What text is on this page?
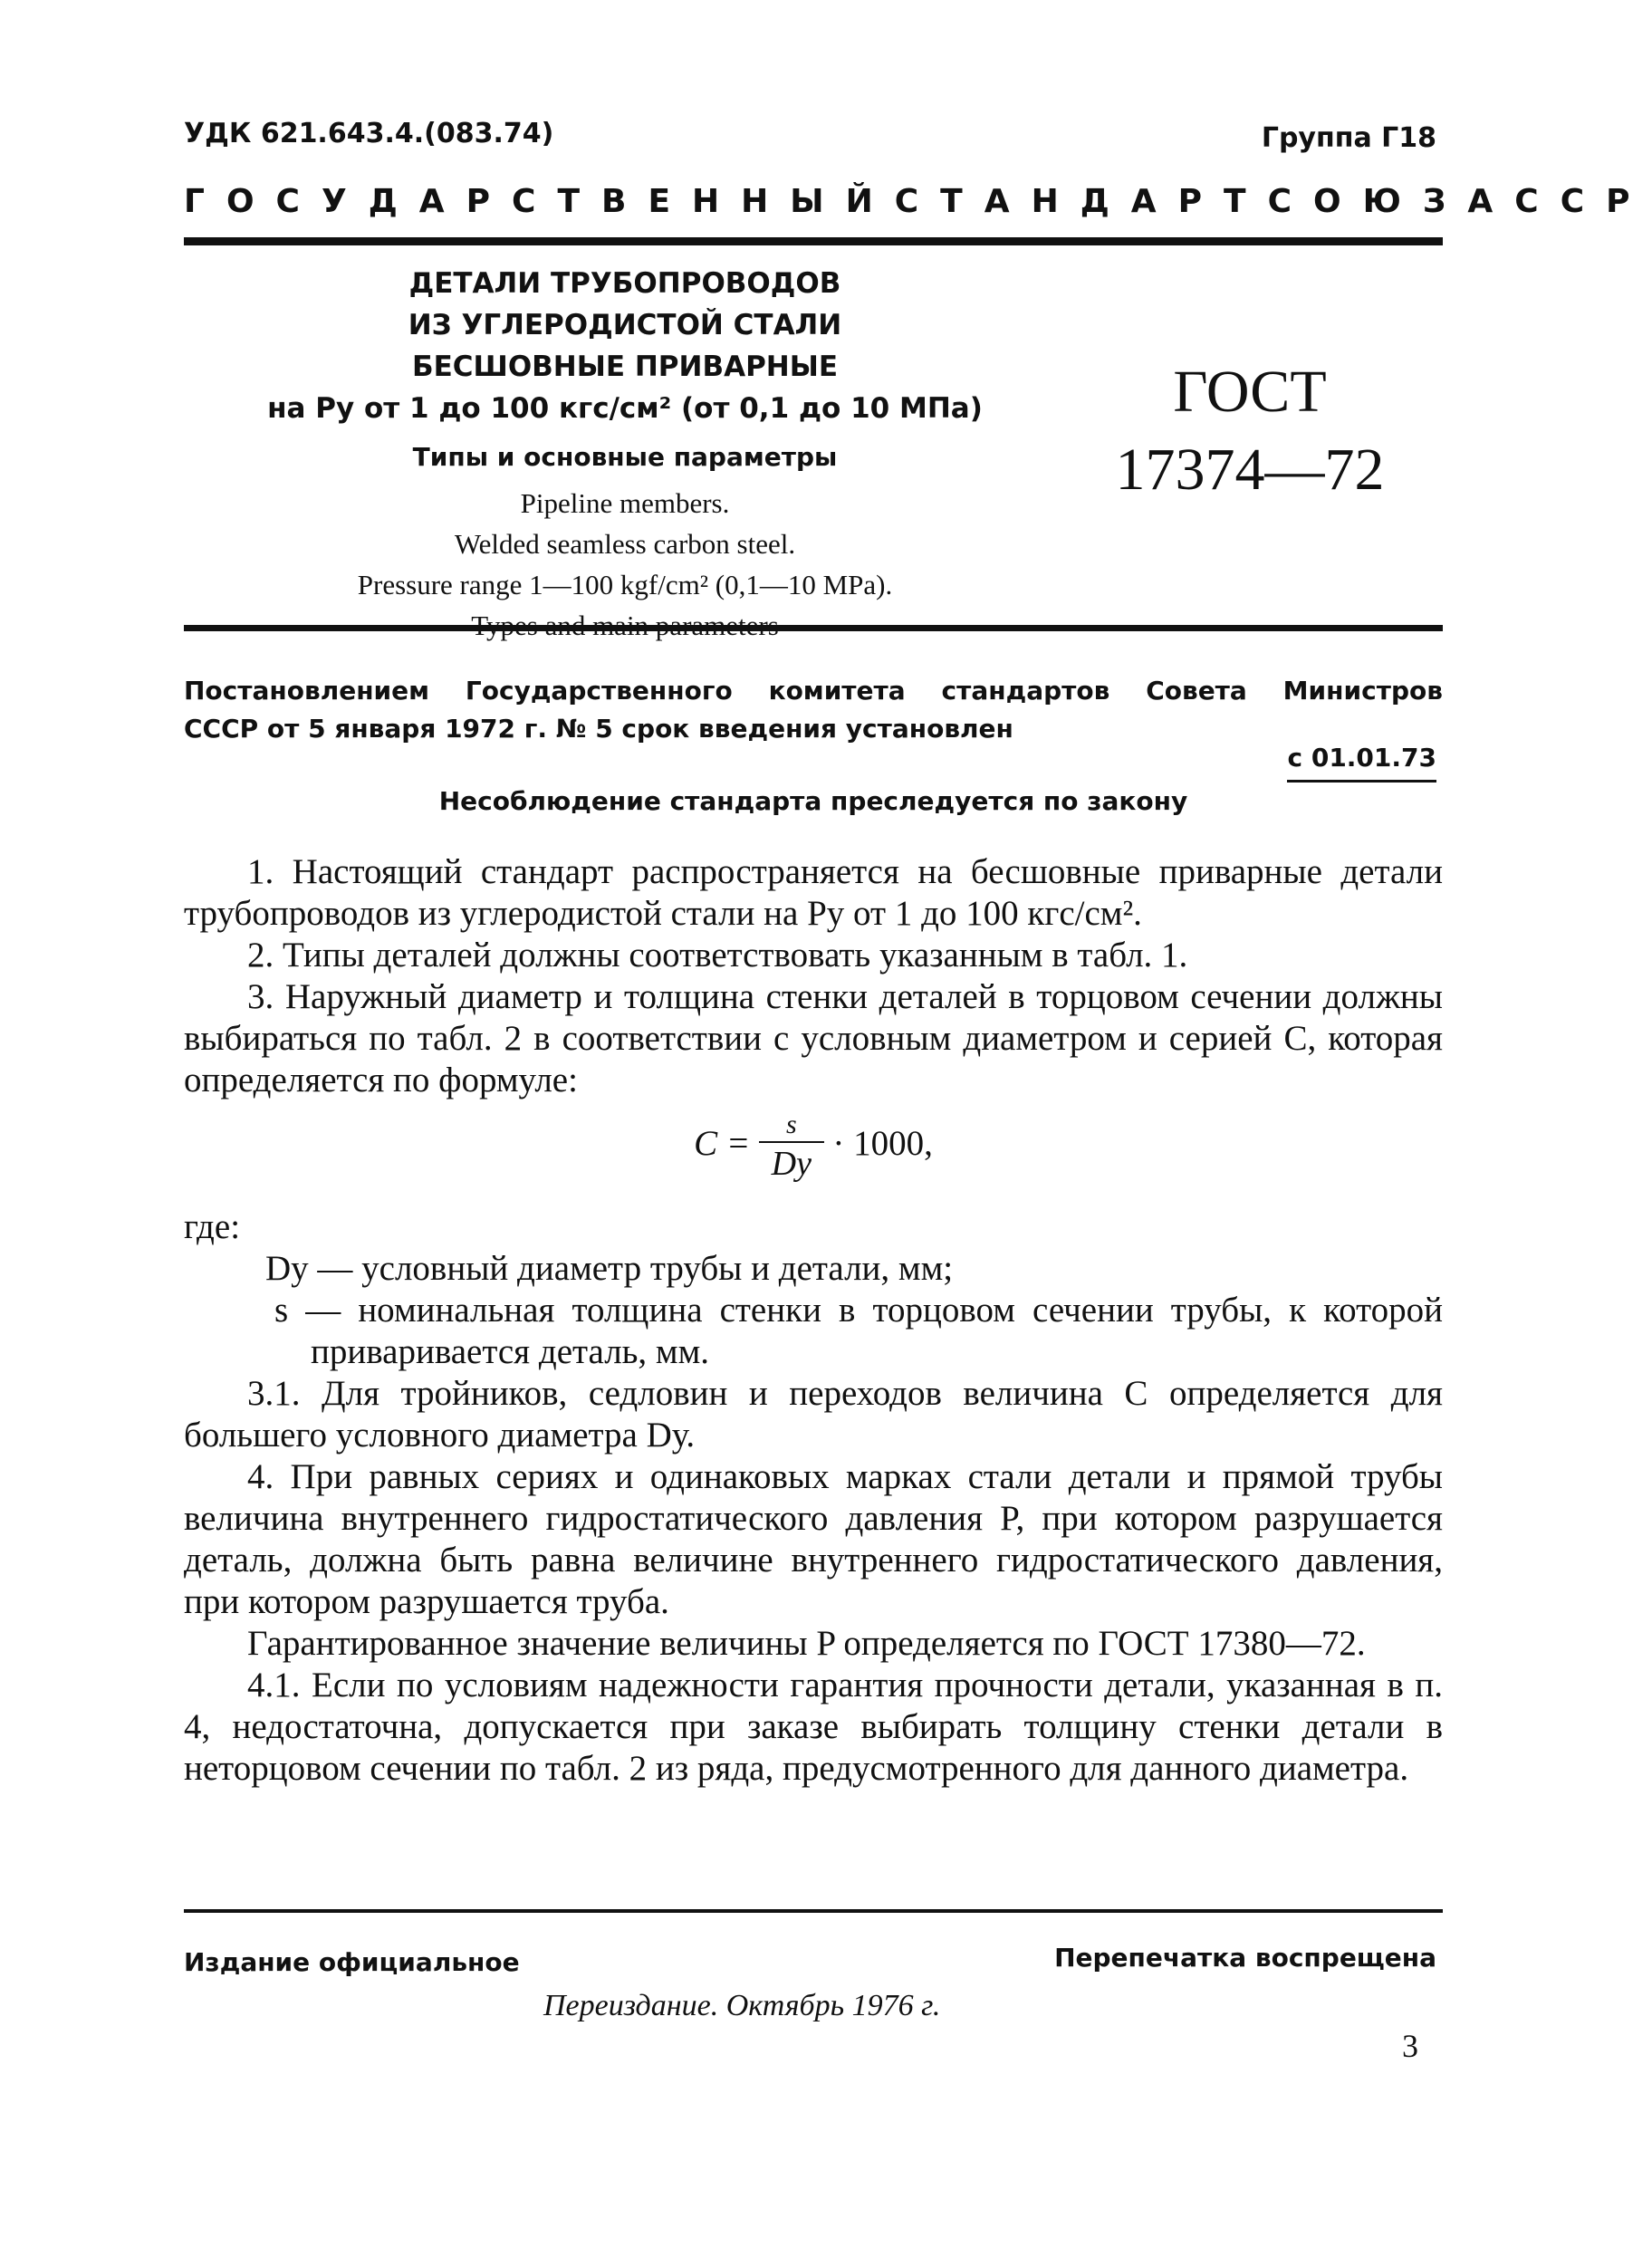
УДК 621.643.4.(083.74)	Группа Г18
ГОСУДАРСТВЕННЫЙ СТАНДАРТ СОЮЗА ССР
ДЕТАЛИ ТРУБОПРОВОДОВ
ИЗ УГЛЕРОДИСТОЙ СТАЛИ
БЕСШОВНЫЕ ПРИВАРНЫЕ
на Pу от 1 до 100 кгс/см² (от 0,1 до 10 МПа)
Типы и основные параметры
Pipeline members.
Welded seamless carbon steel.
Pressure range 1—100 kgf/cm² (0,1—10 MPa).
ГОСТ
17374—72
Постановлением Государственного комитета стандартов Совета Министров
СССР от 5 января 1972 г. № 5 срок введения установлен
с 01.01.73
Несоблюдение стандарта преследуется по закону

1. Настоящий стандарт распространяется на бесшовные приварные детали трубопроводов из углеродистой стали на Pу от 1 до 100 кгс/см².

2. Типы деталей должны соответствовать указанным в табл. 1.

3. Наружный диаметр и толщина стенки деталей в торцовом сечении должны выбираться по табл. 2 в соответствии с условным диаметром и серией С, которая определяется по формуле:

$C = \frac{s}{Dу} \cdot 1000$,

где:

Dу — условный диаметр трубы и детали, мм;

s — номинальная толщина стенки в торцовом сечении трубы, к которой приваривается деталь, мм.

3.1. Для тройников, седловин и переходов величина С определяется для большего условного диаметра Dу.

4. При равных сериях и одинаковых марках стали детали и прямой трубы величина внутреннего гидростатического давления P, при котором разрушается деталь, должна быть равна величине внутреннего гидростатического давления, при котором разрушается труба.

Гарантированное значение величины P определяется по ГОСТ 17380—72.

4.1. Если по условиям надежности гарантия прочности детали, указанная в п. 4, недостаточна, допускается при заказе выбирать толщину стенки детали в неторцовом сечении по табл. 2 из ряда, предусмотренного для данного диаметра.

Издание официальное	Перепечатка воспрещена
Переиздание. Октябрь 1976 г.
3
